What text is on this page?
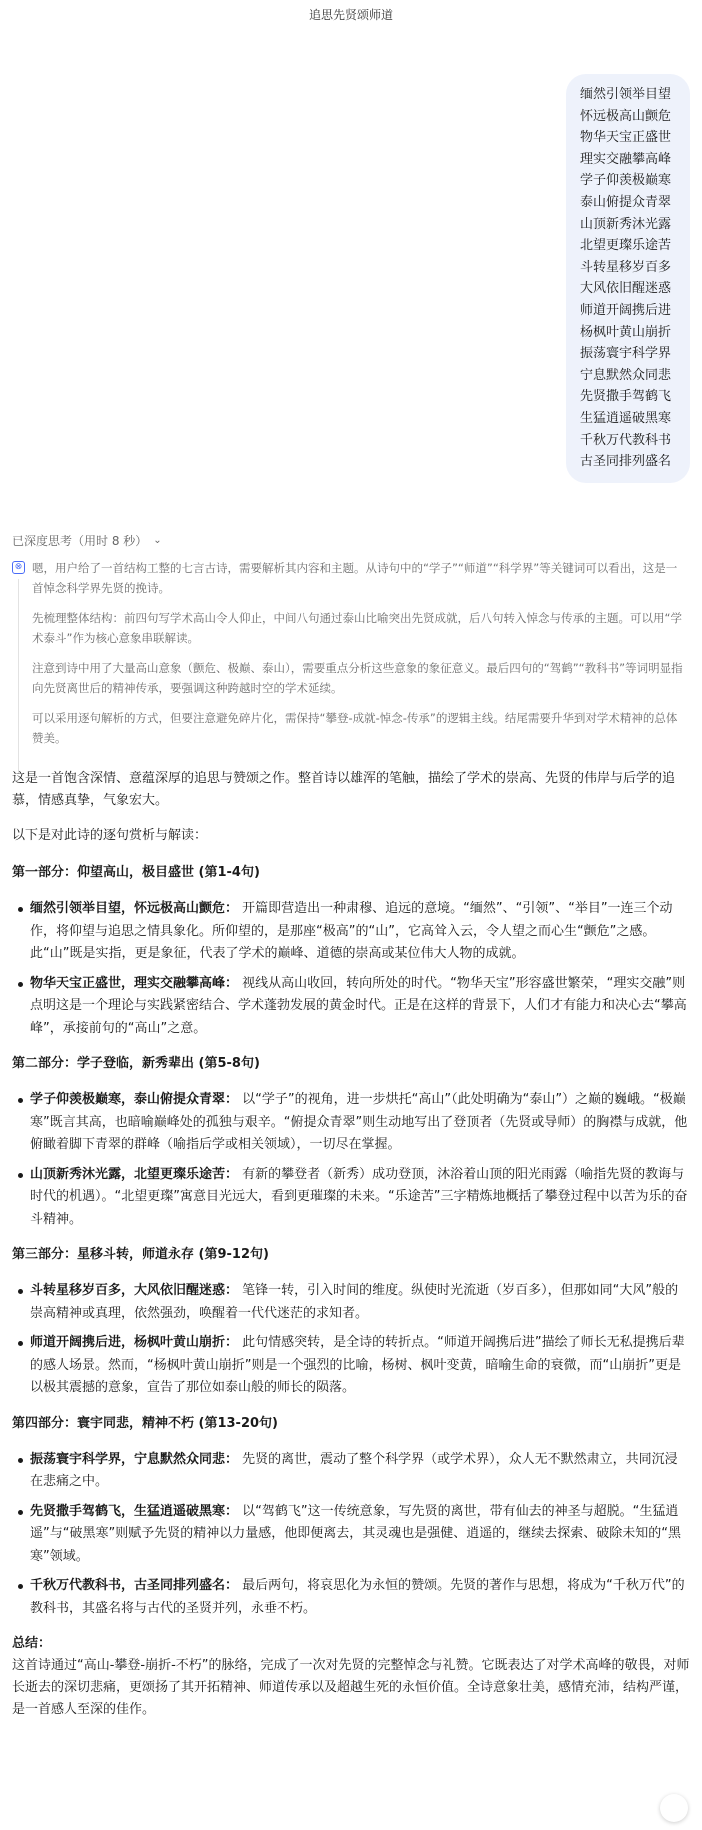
追思先贤颂师道
缅然引领举目望
怀远极高山颤危
物华天宝正盛世
理实交融攀高峰
学子仰羡极巅寒
泰山俯提众青翠
山顶新秀沐光露
北望更璨乐途苦
斗转星移岁百多
大风依旧醒迷惑
师道开阔携后进
杨枫叶黄山崩折
振荡寰宇科学界
宁息默然众同悲
先贤撒手驾鹤飞
生猛逍遥破黑寒
千秋万代教科书
古圣同排列盛名
已深度思考（用时 8 秒） ⌄
⊗ 嗯，用户给了一首结构工整的七言古诗，需要解析其内容和主题。从诗句中的“学子”“师道”“科学界”等关键词可以看出，这是一首悼念科学界先贤的挽诗。

先梳理整体结构：前四句写学术高山令人仰止，中间八句通过泰山比喻突出先贤成就，后八句转入悼念与传承的主题。可以用“学术泰斗”作为核心意象串联解读。

注意到诗中用了大量高山意象（颤危、极巅、泰山），需要重点分析这些意象的象征意义。最后四句的“驾鹤”“教科书”等词明显指向先贤离世后的精神传承，要强调这种跨越时空的学术延续。

可以采用逐句解析的方式，但要注意避免碎片化，需保持“攀登-成就-悼念-传承”的逻辑主线。结尾需要升华到对学术精神的总体赞美。

这是一首饱含深情、意蕴深厚的追思与赞颂之作。整首诗以雄浑的笔触，描绘了学术的崇高、先贤的伟岸与后学的追慕，情感真挚，气象宏大。

以下是对此诗的逐句赏析与解读：

第一部分：仰望高山，极目盛世 (第1-4句)

缅然引领举目望，怀远极高山颤危： 开篇即营造出一种肃穆、追远的意境。“缅然”、“引领”、“举目”一连三个动作，将仰望与追思之情具象化。所仰望的，是那座“极高”的“山”，它高耸入云，令人望之而心生“颤危”之感。此“山”既是实指，更是象征，代表了学术的巅峰、道德的崇高或某位伟大人物的成就。
物华天宝正盛世，理实交融攀高峰： 视线从高山收回，转向所处的时代。“物华天宝”形容盛世繁荣，“理实交融”则点明这是一个理论与实践紧密结合、学术蓬勃发展的黄金时代。正是在这样的背景下，人们才有能力和决心去“攀高峰”，承接前句的“高山”之意。

第二部分：学子登临，新秀辈出 (第5-8句)

学子仰羡极巅寒，泰山俯提众青翠： 以“学子”的视角，进一步烘托“高山”（此处明确为“泰山”）之巅的巍峨。“极巅寒”既言其高，也暗喻巅峰处的孤独与艰辛。“俯提众青翠”则生动地写出了登顶者（先贤或导师）的胸襟与成就，他俯瞰着脚下青翠的群峰（喻指后学或相关领域），一切尽在掌握。
山顶新秀沐光露，北望更璨乐途苦： 有新的攀登者（新秀）成功登顶，沐浴着山顶的阳光雨露（喻指先贤的教诲与时代的机遇）。“北望更璨”寓意目光远大，看到更璀璨的未来。“乐途苦”三字精炼地概括了攀登过程中以苦为乐的奋斗精神。

第三部分：星移斗转，师道永存 (第9-12句)

斗转星移岁百多，大风依旧醒迷惑： 笔锋一转，引入时间的维度。纵使时光流逝（岁百多），但那如同“大风”般的崇高精神或真理，依然强劲，唤醒着一代代迷茫的求知者。
师道开阔携后进，杨枫叶黄山崩折： 此句情感突转，是全诗的转折点。“师道开阔携后进”描绘了师长无私提携后辈的感人场景。然而，“杨枫叶黄山崩折”则是一个强烈的比喻，杨树、枫叶变黄，暗喻生命的衰微，而“山崩折”更是以极其震撼的意象，宣告了那位如泰山般的师长的陨落。

第四部分：寰宇同悲，精神不朽 (第13-20句)

振荡寰宇科学界，宁息默然众同悲： 先贤的离世，震动了整个科学界（或学术界），众人无不默然肃立，共同沉浸在悲痛之中。
先贤撒手驾鹤飞，生猛逍遥破黑寒： 以“驾鹤飞”这一传统意象，写先贤的离世，带有仙去的神圣与超脱。“生猛逍遥”与“破黑寒”则赋予先贤的精神以力量感，他即便离去，其灵魂也是强健、逍遥的，继续去探索、破除未知的“黑寒”领域。
千秋万代教科书，古圣同排列盛名： 最后两句，将哀思化为永恒的赞颂。先贤的著作与思想，将成为“千秋万代”的教科书，其盛名将与古代的圣贤并列，永垂不朽。

总结：

这首诗通过“高山-攀登-崩折-不朽”的脉络，完成了一次对先贤的完整悼念与礼赞。它既表达了对学术高峰的敬畏，对师长逝去的深切悲痛，更颂扬了其开拓精神、师道传承以及超越生死的永恒价值。全诗意象壮美，感情充沛，结构严谨，是一首感人至深的佳作。
